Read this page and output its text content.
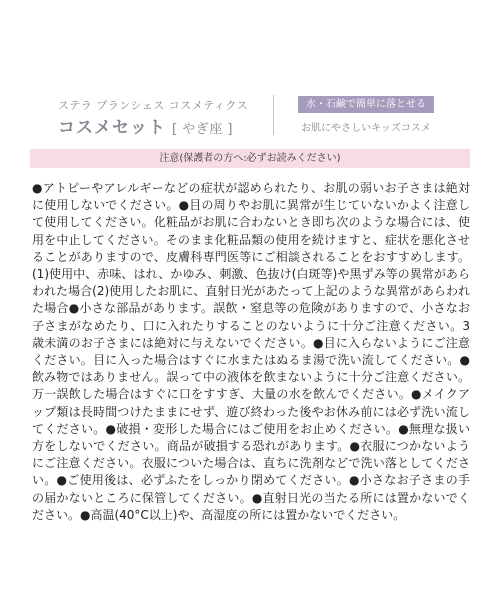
ステラ プランシェス コスメティクス
コスメセット [ やぎ座 ]
水・石鹸で簡単に落とせる
お肌にやさしいキッズコスメ
注意(保護者の方へ:必ずお読みください)
●アトピーやアレルギーなどの症状が認められたり、お肌の弱いお子さまは絶対に使用しないでください。●目の周りやお肌に異常が生じていないかよく注意して使用してください。化粧品がお肌に合わないとき即ち次のような場合には、使用を中止してください。そのまま化粧品類の使用を続けますと、症状を悪化させることがありますので、皮膚科専門医等にご相談されることをおすすめします。(1)使用中、赤味、はれ、かゆみ、刺激、色抜け(白斑等)や黒ずみ等の異常があらわれた場合(2)使用したお肌に、直射日光があたって上記のような異常があらわれた場合●小さな部品があります。誤飲・窒息等の危険がありますので、小さなお子さまがなめたり、口に入れたりすることのないように十分ご注意ください。3歳未満のお子さまには絶対に与えないでください。●目に入らないようにご注意ください。目に入った場合はすぐに水またはぬるま湯で洗い流してください。●飲み物ではありません。誤って中の液体を飲まないように十分ご注意ください。万一誤飲した場合はすぐに口をすすぎ、大量の水を飲んでください。●メイクアップ類は長時間つけたままにせず、遊び終わった後やお休み前には必ず洗い流してください。●破損・変形した場合にはご使用をお止めください。●無理な扱い方をしないでください。商品が破損する恐れがあります。●衣服につかないようにご注意ください。衣服についた場合は、直ちに洗剤などで洗い落としてください。●ご使用後は、必ずふたをしっかり閉めてください。●小さなお子さまの手の届かないところに保管してください。●直射日光の当たる所には置かないでください。●高温(40°C以上)や、高湿度の所には置かないでください。
